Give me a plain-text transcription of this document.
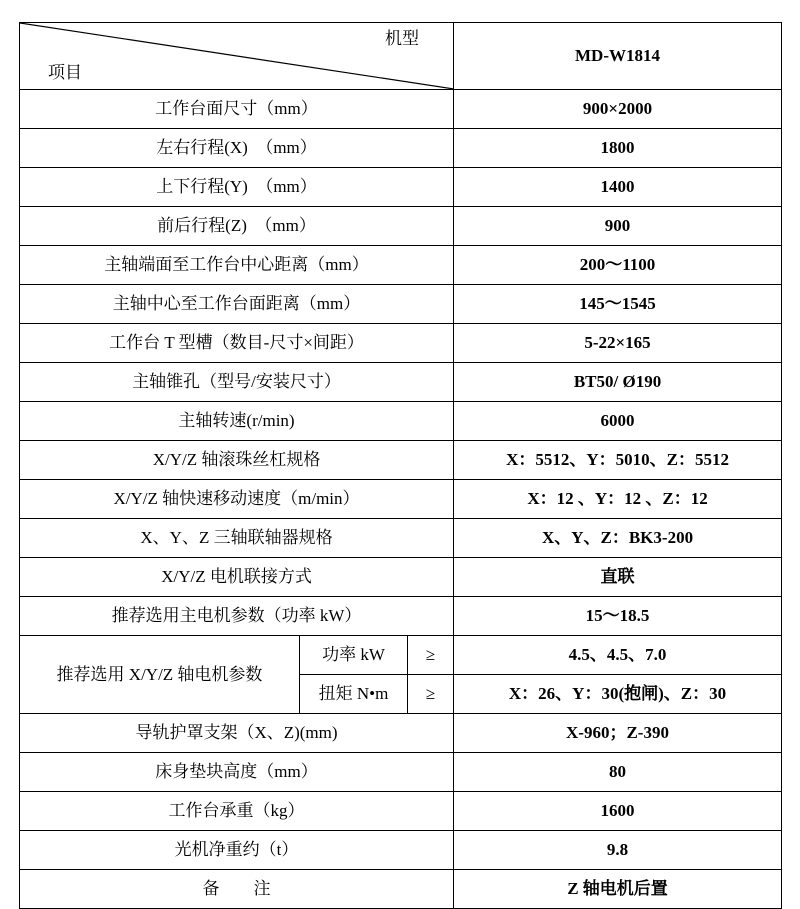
机型
项目			MD-W1814
工作台面尺寸（mm）			900×2000
左右行程(X)　（mm）			1800
上下行程(Y)　（mm）			1400
前后行程(Z)　（mm）			900
主轴端面至工作台中心距离（mm）			200～1100
主轴中心至工作台面距离（mm）			145～1545
工作台 T 型槽（数目-尺寸×间距）			5-22×165
主轴锥孔（型号/安装尺寸）			BT50/ Ø190
主轴转速(r/min)			6000
X/Y/Z 轴滚珠丝杠规格			X：5512、Y：5010、Z：5512
X/Y/Z 轴快速移动速度（m/min）			X：12 、Y：12 、Z：12
X、Y、Z 三轴联轴器规格			X、Y、Z：BK3-200
X/Y/Z 电机联接方式			直联
推荐选用主电机参数（功率 kW）			15～18.5
推荐选用 X/Y/Z 轴电机参数	功率 kW	≥	4.5、4.5、7.0
	扭矩 N•m	≥	X：26、Y：30(抱闸)、Z：30
导轨护罩支架（X、Z)(mm)			X-960；Z-390
床身垫块高度（mm）			80
工作台承重（kg）			1600
光机净重约（t）			9.8
备　　注			Z 轴电机后置
